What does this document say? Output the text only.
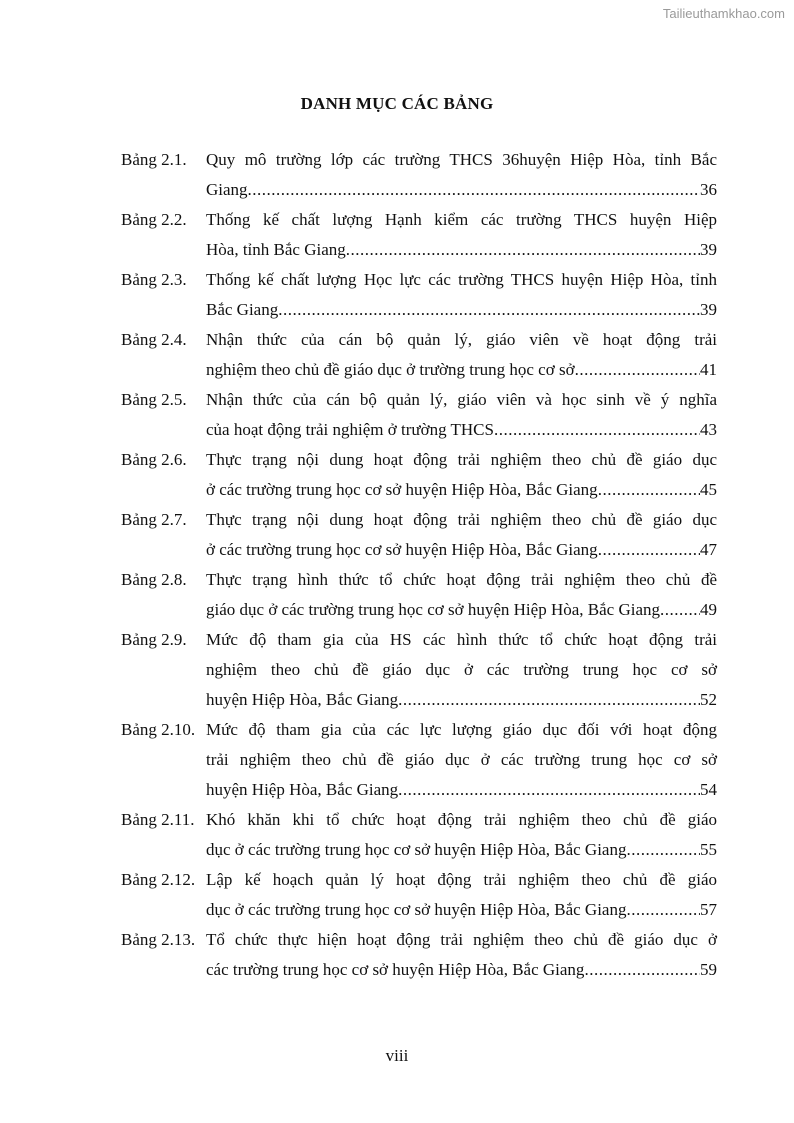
Tailieuthamkhao.com
DANH MỤC CÁC BẢNG
Bảng 2.1.	Quy mô trường lớp các trường THCS 36huyện Hiệp Hòa, tỉnh Bắc
Giang .....	36
Bảng 2.2.	Thống kế chất lượng Hạnh kiểm các trường THCS huyện Hiệp
Hòa, tỉnh Bắc Giang .....	39
Bảng 2.3.	Thống kế chất lượng Học lực các trường THCS huyện Hiệp Hòa, tỉnh
Bắc Giang .....	39
Bảng 2.4.	Nhận thức của cán bộ quản lý, giáo viên về hoạt động trải
nghiệm theo chủ đề giáo dục ở trường trung học cơ sở .....	41
Bảng 2.5.	Nhận thức của cán bộ quản lý, giáo viên và học sinh về ý nghĩa
của hoạt động trải nghiệm ở trường THCS .....	43
Bảng 2.6.	Thực trạng nội dung hoạt động trải nghiệm theo chủ đề giáo dục
ở các trường trung học cơ sở huyện Hiệp Hòa, Bắc Giang .....	45
Bảng 2.7.	Thực trạng nội dung hoạt động trải nghiệm theo chủ đề giáo dục
ở các trường trung học cơ sở huyện Hiệp Hòa, Bắc Giang .....	47
Bảng 2.8.	Thực trạng hình thức tổ chức hoạt động trải nghiệm theo chủ đề
giáo dục ở các trường trung học cơ sở huyện Hiệp Hòa, Bắc Giang ..... 49
Bảng 2.9.	Mức độ tham gia của HS các hình thức tổ chức hoạt động trải
nghiệm theo chủ đề giáo dục ở các trường trung học cơ sở
huyện Hiệp Hòa, Bắc Giang .....	52
Bảng 2.10. Mức độ tham gia của các lực lượng giáo dục đối với hoạt động
trải nghiệm theo chủ đề giáo dục ở các trường trung học cơ sở
huyện Hiệp Hòa, Bắc Giang .....	54
Bảng 2.11. Khó khăn khi tổ chức hoạt động trải nghiệm theo chủ đề giáo
dục ở các trường trung học cơ sở huyện Hiệp Hòa, Bắc Giang .....	55
Bảng 2.12. Lập kế hoạch quản lý hoạt động trải nghiệm theo chủ đề giáo
dục ở các trường trung học cơ sở huyện Hiệp Hòa, Bắc Giang .....	57
Bảng 2.13. Tổ chức thực hiện hoạt động trải nghiệm theo chủ đề giáo dục ở
các trường trung học cơ sở huyện Hiệp Hòa, Bắc Giang .....	59
viii
